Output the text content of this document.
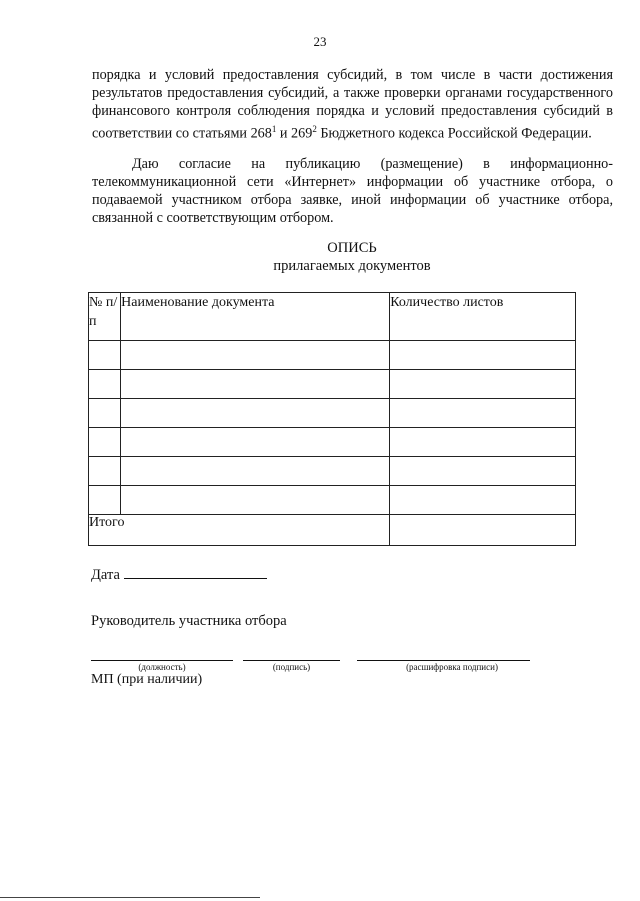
23
порядка и условий предоставления субсидий, в том числе в части достижения результатов предоставления субсидий, а также проверки органами государственного финансового контроля соблюдения порядка и условий предоставления субсидий в соответствии со статьями $268^1$ и $269^2$ Бюджетного кодекса Российской Федерации.
Даю согласие на публикацию (размещение) в информационно-телекоммуникационной сети «Интернет» информации об участнике отбора, о подаваемой участником отбора заявке, иной информации об участнике отбора, связанной с соответствующим отбором.
ОПИСЬ
прилагаемых документов
№ п/п	Наименование документа	Количество листов

Итого		
Дата
Руководитель участника отбора
(должность)	(подпись)	(расшифровка подписи)
МП (при наличии)
